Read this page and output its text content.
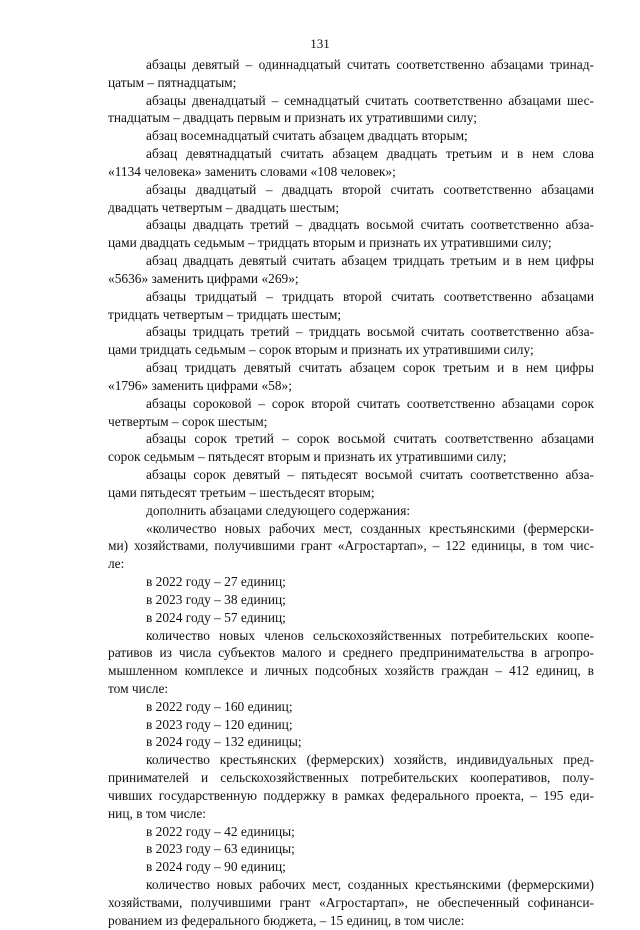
131
абзацы девятый – одиннадцатый считать соответственно абзацами тринад-
цатым – пятнадцатым;
абзацы двенадцатый – семнадцатый считать соответственно абзацами шес-
тнадцатым – двадцать первым и признать их утратившими силу;
абзац восемнадцатый считать абзацем двадцать вторым;
абзац девятнадцатый считать абзацем двадцать третьим и в нем слова
«1134 человека» заменить словами «108 человек»;
абзацы двадцатый – двадцать второй считать соответственно абзацами
двадцать четвертым – двадцать шестым;
абзацы двадцать третий – двадцать восьмой считать соответственно абза-
цами двадцать седьмым – тридцать вторым и признать их утратившими силу;
абзац двадцать девятый считать абзацем тридцать третьим и в нем цифры
«5636» заменить цифрами «269»;
абзацы тридцатый – тридцать второй считать соответственно абзацами
тридцать четвертым – тридцать шестым;
абзацы тридцать третий – тридцать восьмой считать соответственно абза-
цами тридцать седьмым – сорок вторым и признать их утратившими силу;
абзац тридцать девятый считать абзацем сорок третьим и в нем цифры
«1796» заменить цифрами «58»;
абзацы сороковой – сорок второй считать соответственно абзацами сорок
четвертым – сорок шестым;
абзацы сорок третий – сорок восьмой считать соответственно абзацами
сорок седьмым – пятьдесят вторым и признать их утратившими силу;
абзацы сорок девятый – пятьдесят восьмой считать соответственно абза-
цами пятьдесят третьим – шестьдесят вторым;
дополнить абзацами следующего содержания:
«количество новых рабочих мест, созданных крестьянскими (фермерски-
ми) хозяйствами, получившими грант «Агростартап», – 122 единицы, в том чис-
ле:
в 2022 году – 27 единиц;
в 2023 году – 38 единиц;
в 2024 году – 57 единиц;
количество новых членов сельскохозяйственных потребительских коопе-
ративов из числа субъектов малого и среднего предпринимательства в агропро-
мышленном комплексе и личных подсобных хозяйств граждан – 412 единиц, в
том числе:
в 2022 году – 160 единиц;
в 2023 году – 120 единиц;
в 2024 году – 132 единицы;
количество крестьянских (фермерских) хозяйств, индивидуальных пред-
принимателей и сельскохозяйственных потребительских кооперативов, полу-
чивших государственную поддержку в рамках федерального проекта, – 195 еди-
ниц, в том числе:
в 2022 году – 42 единицы;
в 2023 году – 63 единицы;
в 2024 году – 90 единиц;
количество новых рабочих мест, созданных крестьянскими (фермерскими)
хозяйствами, получившими грант «Агростартап», не обеспеченный софинанси-
рованием из федерального бюджета, – 15 единиц, в том числе:
